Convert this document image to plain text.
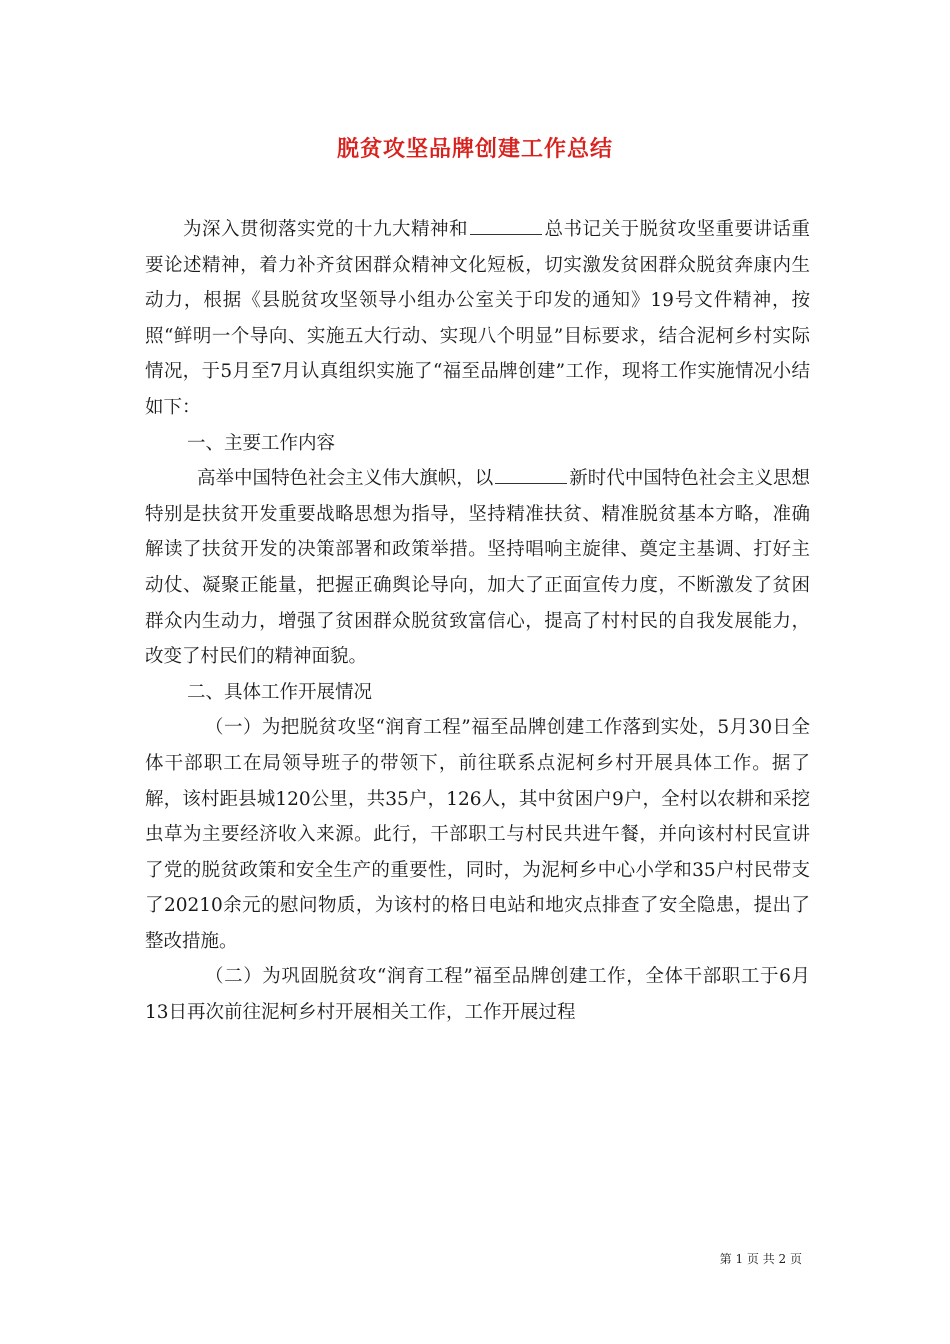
脱贫攻坚品牌创建工作总结

为深入贯彻落实党的十九大精神和	总书记关于脱贫攻坚重要讲话重要论述精神，着力补齐贫困群众精神文化短板，切实激发贫困群众脱贫奔康内生动力，根据《县脱贫攻坚领导小组办公室关于印发的通知》19号文件精神，按照“鲜明一个导向、实施五大行动、实现八个明显”目标要求，结合泥柯乡村实际情况，于5月至7月认真组织实施了“福至品牌创建”工作，现将工作实施情况小结如下：

一、主要工作内容

高举中国特色社会主义伟大旗帜，以	新时代中国特色社会主义思想特别是扶贫开发重要战略思想为指导，坚持精准扶贫、精准脱贫基本方略，准确解读了扶贫开发的决策部署和政策举措。坚持唱响主旋律、奠定主基调、打好主动仗、凝聚正能量，把握正确舆论导向，加大了正面宣传力度，不断激发了贫困群众内生动力，增强了贫困群众脱贫致富信心，提高了村村民的自我发展能力，改变了村民们的精神面貌。

二、具体工作开展情况

（一）为把脱贫攻坚“润育工程”福至品牌创建工作落到实处，5月30日全体干部职工在局领导班子的带领下，前往联系点泥柯乡村开展具体工作。据了解，该村距县城120公里，共35户，126人，其中贫困户9户，全村以农耕和采挖虫草为主要经济收入来源。此行，干部职工与村民共进午餐，并向该村村民宣讲了党的脱贫政策和安全生产的重要性，同时，为泥柯乡中心小学和35户村民带支了20210余元的慰问物质，为该村的格日电站和地灾点排查了安全隐患，提出了整改措施。

（二）为巩固脱贫攻“润育工程”福至品牌创建工作，全体干部职工于6月13日再次前往泥柯乡村开展相关工作，工作开展过程

第 1 页 共 2 页
